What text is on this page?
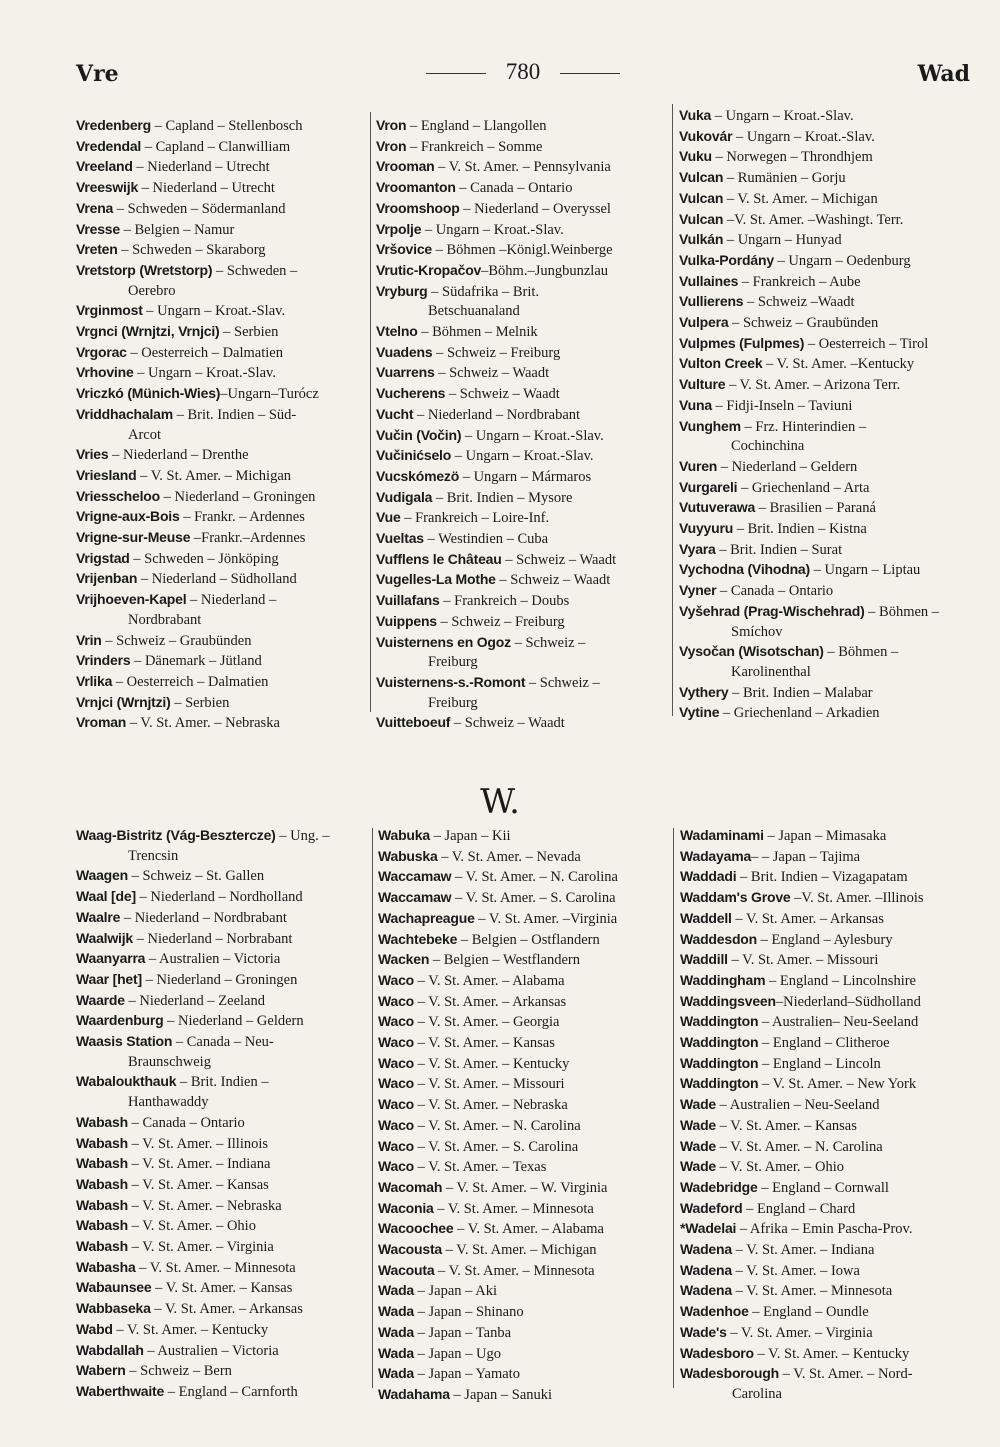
Vre	780	Wad
Vredenberg – Capland – Stellenbosch
Vredendal – Capland – Clanwilliam
Vreeland – Niederland – Utrecht
Vreeswijk – Niederland – Utrecht
Vrena – Schweden – Södermanland
Vresse – Belgien – Namur
Vreten – Schweden – Skaraborg
Vretstorp (Wretstorp) – Schweden –
Oerebro
Vrginmost – Ungarn – Kroat.-Slav.
Vrgnci (Wrnjtzi, Vrnjci) – Serbien
Vrgorac – Oesterreich – Dalmatien
Vrhovine – Ungarn – Kroat.-Slav.
Vriczkó (Münich-Wies)–Ungarn–Turócz
Vriddhachalam – Brit. Indien – Süd-
Arcot
Vries – Niederland – Drenthe
Vriesland – V. St. Amer. – Michigan
Vriesscheloo – Niederland – Groningen
Vrigne-aux-Bois – Frankr. – Ardennes
Vrigne-sur-Meuse –Frankr.–Ardennes
Vrigstad – Schweden – Jönköping
Vrijenban – Niederland – Südholland
Vrijhoeven-Kapel – Niederland –
Nordbrabant
Vrin – Schweiz – Graubünden
Vrinders – Dänemark – Jütland
Vrlika – Oesterreich – Dalmatien
Vrnjci (Wrnjtzi) – Serbien
Vroman – V. St. Amer. – Nebraska
Vron – England – Llangollen
Vron – Frankreich – Somme
Vrooman – V. St. Amer. – Pennsylvania
Vroomanton – Canada – Ontario
Vroomshoop – Niederland – Overyssel
Vrpolje – Ungarn – Kroat.-Slav.
Vršovice – Böhmen –Königl.Weinberge
Vrutic-Kropačov–Böhm.–Jungbunzlau
Vryburg – Südafrika – Brit.
Betschuanaland
Vtelno – Böhmen – Melnik
Vuadens – Schweiz – Freiburg
Vuarrens – Schweiz – Waadt
Vucherens – Schweiz – Waadt
Vucht – Niederland – Nordbrabant
Vučin (Vočin) – Ungarn – Kroat.-Slav.
Vučinićselo – Ungarn – Kroat.-Slav.
Vucskómezö – Ungarn – Mármaros
Vudigala – Brit. Indien – Mysore
Vue – Frankreich – Loire-Inf.
Vueltas – Westindien – Cuba
Vufflens le Château – Schweiz – Waadt
Vugelles-La Mothe – Schweiz – Waadt
Vuillafans – Frankreich – Doubs
Vuippens – Schweiz – Freiburg
Vuisternens en Ogoz – Schweiz –
Freiburg
Vuisternens-s.-Romont – Schweiz –
Freiburg
Vuitteboeuf – Schweiz – Waadt
Vuka – Ungarn – Kroat.-Slav.
Vukovár – Ungarn – Kroat.-Slav.
Vuku – Norwegen – Throndhjem
Vulcan – Rumänien – Gorju
Vulcan – V. St. Amer. – Michigan
Vulcan –V. St. Amer. –Washingt. Terr.
Vulkán – Ungarn – Hunyad
Vulka-Pordány – Ungarn – Oedenburg
Vullaines – Frankreich – Aube
Vullierens – Schweiz –Waadt
Vulpera – Schweiz – Graubünden
Vulpmes (Fulpmes) – Oesterreich – Tirol
Vulton Creek – V. St. Amer. –Kentucky
Vulture – V. St. Amer. – Arizona Terr.
Vuna – Fidji-Inseln – Taviuni
Vunghem – Frz. Hinterindien –
Cochinchina
Vuren – Niederland – Geldern
Vurgareli – Griechenland – Arta
Vutuverawa – Brasilien – Paraná
Vuyyuru – Brit. Indien – Kistna
Vyara – Brit. Indien – Surat
Vychodna (Vihodna) – Ungarn – Liptau
Vyner – Canada – Ontario
Vyšehrad (Prag-Wischehrad) – Böhmen –
Smíchov
Vysočan (Wisotschan) – Böhmen –
Karolinenthal
Vythery – Brit. Indien – Malabar
Vytine – Griechenland – Arkadien
W.
Waag-Bistritz (Vág-Besztercze) – Ung. –
Trencsin
Waagen – Schweiz – St. Gallen
Waal [de] – Niederland – Nordholland
Waalre – Niederland – Nordbrabant
Waalwijk – Niederland – Norbrabant
Waanyarra – Australien – Victoria
Waar [het] – Niederland – Groningen
Waarde – Niederland – Zeeland
Waardenburg – Niederland – Geldern
Waasis Station – Canada – Neu-
Braunschweig
Wabaloukthauk – Brit. Indien –
Hanthawaddy
Wabash – Canada – Ontario
Wabash – V. St. Amer. – Illinois
Wabash – V. St. Amer. – Indiana
Wabash – V. St. Amer. – Kansas
Wabash – V. St. Amer. – Nebraska
Wabash – V. St. Amer. – Ohio
Wabash – V. St. Amer. – Virginia
Wabasha – V. St. Amer. – Minnesota
Wabaunsee – V. St. Amer. – Kansas
Wabbaseka – V. St. Amer. – Arkansas
Wabd – V. St. Amer. – Kentucky
Wabdallah – Australien – Victoria
Wabern – Schweiz – Bern
Waberthwaite – England – Carnforth
Wabuka – Japan – Kii
Wabuska – V. St. Amer. – Nevada
Waccamaw – V. St. Amer. – N. Carolina
Waccamaw – V. St. Amer. – S. Carolina
Wachapreague – V. St. Amer. –Virginia
Wachtebeke – Belgien – Ostflandern
Wacken – Belgien – Westflandern
Waco – V. St. Amer. – Alabama
Waco – V. St. Amer. – Arkansas
Waco – V. St. Amer. – Georgia
Waco – V. St. Amer. – Kansas
Waco – V. St. Amer. – Kentucky
Waco – V. St. Amer. – Missouri
Waco – V. St. Amer. – Nebraska
Waco – V. St. Amer. – N. Carolina
Waco – V. St. Amer. – S. Carolina
Waco – V. St. Amer. – Texas
Wacomah – V. St. Amer. – W. Virginia
Waconia – V. St. Amer. – Minnesota
Wacoochee – V. St. Amer. – Alabama
Wacousta – V. St. Amer. – Michigan
Wacouta – V. St. Amer. – Minnesota
Wada – Japan – Aki
Wada – Japan – Shinano
Wada – Japan – Tanba
Wada – Japan – Ugo
Wada – Japan – Yamato
Wadahama – Japan – Sanuki
Wadaminami – Japan – Mimasaka
Wadayama– – Japan – Tajima
Waddadi – Brit. Indien – Vizagapatam
Waddam's Grove –V. St. Amer. –Illinois
Waddell – V. St. Amer. – Arkansas
Waddesdon – England – Aylesbury
Waddill – V. St. Amer. – Missouri
Waddingham – England – Lincolnshire
Waddingsveen–Niederland–Südholland
Waddington – Australien– Neu-Seeland
Waddington – England – Clitheroe
Waddington – England – Lincoln
Waddington – V. St. Amer. – New York
Wade – Australien – Neu-Seeland
Wade – V. St. Amer. – Kansas
Wade – V. St. Amer. – N. Carolina
Wade – V. St. Amer. – Ohio
Wadebridge – England – Cornwall
Wadeford – England – Chard
*Wadelai – Afrika – Emin Pascha-Prov.
Wadena – V. St. Amer. – Indiana
Wadena – V. St. Amer. – Iowa
Wadena – V. St. Amer. – Minnesota
Wadenhoe – England – Oundle
Wade's – V. St. Amer. – Virginia
Wadesboro – V. St. Amer. – Kentucky
Wadesborough – V. St. Amer. – Nord-
Carolina
